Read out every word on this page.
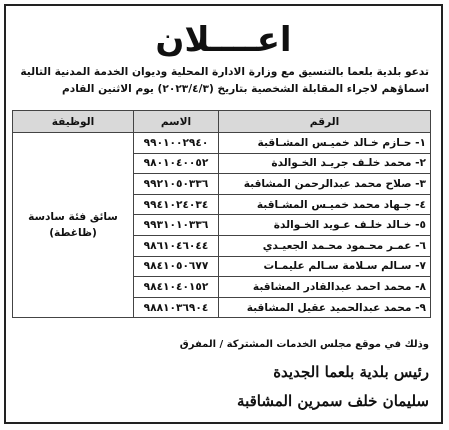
اعــــلان
تدعو بلدية بلعما بالتنسيق مع وزارة الادارة المحلية وديوان الخدمة المدنية التالية اسماؤهم لاجراء المقابلة الشخصية بتاريخ (٢٠٢٣/٤/٣) يوم الاثنين القادم
الرقم	الاسم	الوظيفة
١- حـازم خـالد خميـس المشـاقبة	٩٩٠١٠٠٢٩٤٠	سائق فئة سادسة (ظاغطة)
٢- محمد خلـف جريـد الخـوالدة	٩٨٠١٠٤٠٠٥٢	
٣- صلاح محمد عبدالرحمن المشاقبة	٩٩٢١٠٥٠٣٣٦	
٤- جـهاد محمد خميـس المشـاقبة	٩٩٤١٠٢٤٠٣٤	
٥- خـالد خلـف عـويد الخـوالدة	٩٩٣١٠١٠٣٣٦	
٦- عمـر محـمود محـمد الجعيـدي	٩٨٦١٠٤٦٠٤٤	
٧- سـالم سـلامة سـالم عليمـات	٩٨٤١٠٥٠٦٧٧	
٨- محمد احمد عبدالقادر المشاقبة	٩٨٤١٠٤٠١٥٢	
٩- محمد عبدالحميد عقيل المشاقبة	٩٨٨١٠٣٦٩٠٤	
وذلك في موقع مجلس الخدمات المشتركة / المفرق
رئيس بلدية بلعما الجديدة
سليمان خلف سمرين المشاقبة
